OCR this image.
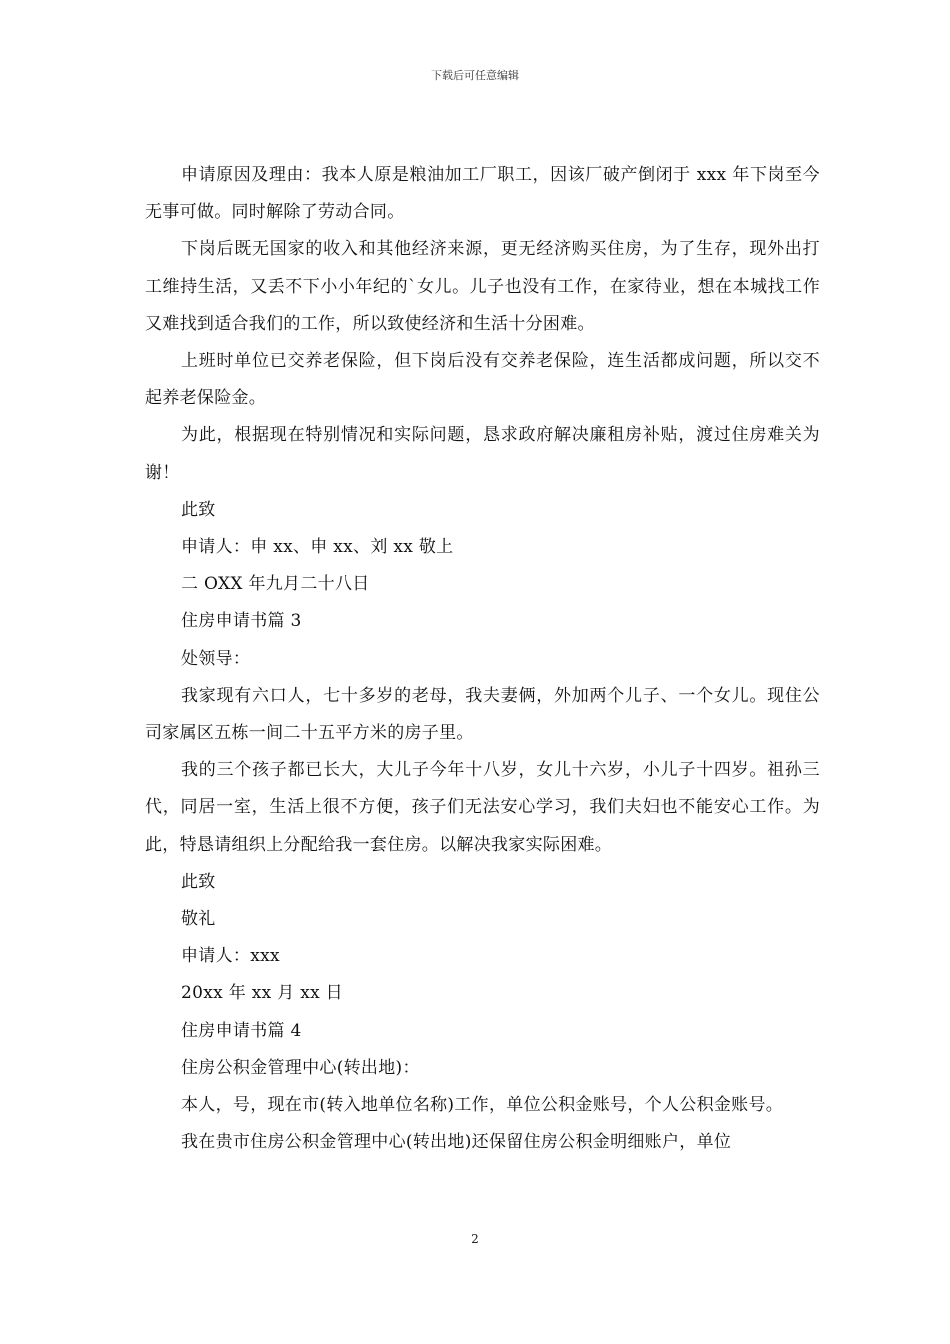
下载后可任意编辑

申请原因及理由：我本人原是粮油加工厂职工，因该厂破产倒闭于 xxx 年下岗至今无事可做。同时解除了劳动合同。

下岗后既无国家的收入和其他经济来源，更无经济购买住房，为了生存，现外出打工维持生活，又丢不下小小年纪的`女儿。儿子也没有工作，在家待业，想在本城找工作又难找到适合我们的工作，所以致使经济和生活十分困难。

上班时单位已交养老保险，但下岗后没有交养老保险，连生活都成问题，所以交不起养老保险金。

为此，根据现在特别情况和实际问题，恳求政府解决廉租房补贴，渡过住房难关为谢！

此致

申请人：申 xx、申 xx、刘 xx 敬上

二 OXX 年九月二十八日

住房申请书篇 3

处领导：

我家现有六口人，七十多岁的老母，我夫妻俩，外加两个儿子、一个女儿。现住公司家属区五栋一间二十五平方米的房子里。

我的三个孩子都已长大，大儿子今年十八岁，女儿十六岁，小儿子十四岁。祖孙三代，同居一室，生活上很不方便，孩子们无法安心学习，我们夫妇也不能安心工作。为此，特恳请组织上分配给我一套住房。以解决我家实际困难。

此致

敬礼

申请人：xxx

20xx 年 xx 月 xx 日

住房申请书篇 4

住房公积金管理中心(转出地)：

本人，号，现在市(转入地单位名称)工作，单位公积金账号，个人公积金账号。

我在贵市住房公积金管理中心(转出地)还保留住房公积金明细账户，单位

2
